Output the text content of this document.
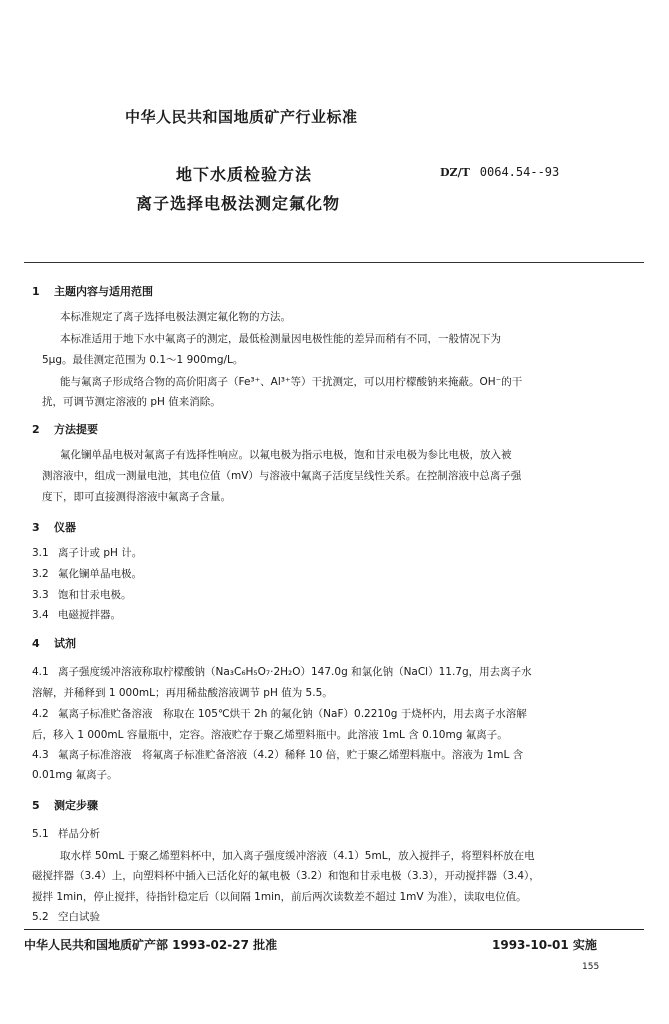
中华人民共和国地质矿产行业标准
地下水质检验方法
离子选择电极法测定氟化物
DZ/T 0064.54--93
1 主题内容与适用范围
本标准规定了离子选择电极法测定氟化物的方法。
本标准适用于地下水中氟离子的测定，最低检测量因电极性能的差异而稍有不同，一般情况下为
5μg。最佳测定范围为 0.1～1 900mg/L。
能与氟离子形成络合物的高价阳离子（Fe³⁺、Al³⁺等）干扰测定，可以用柠檬酸钠来掩蔽。OH⁻的干
扰，可调节测定溶液的 pH 值来消除。
2 方法提要
氟化镧单晶电极对氟离子有选择性响应。以氟电极为指示电极，饱和甘汞电极为参比电极，放入被
测溶液中，组成一测量电池，其电位值（mV）与溶液中氟离子活度呈线性关系。在控制溶液中总离子强
度下，即可直接测得溶液中氟离子含量。
3 仪器
3.1 离子计或 pH 计。
3.2 氟化镧单晶电极。
3.3 饱和甘汞电极。
3.4 电磁搅拌器。
4 试剂
4.1 离子强度缓冲溶液称取柠檬酸钠（Na₃C₆H₅O₇·2H₂O）147.0g 和氯化钠（NaCl）11.7g，用去离子水
溶解，并稀释到 1 000mL；再用稀盐酸溶液调节 pH 值为 5.5。
4.2 氟离子标准贮备溶液　称取在 105℃烘干 2h 的氟化钠（NaF）0.2210g 于烧杯内，用去离子水溶解
后，移入 1 000mL 容量瓶中，定容。溶液贮存于聚乙烯塑料瓶中。此溶液 1mL 含 0.10mg 氟离子。
4.3 氟离子标准溶液　将氟离子标准贮备溶液（4.2）稀释 10 倍，贮于聚乙烯塑料瓶中。溶液为 1mL 含
0.01mg 氟离子。
5 测定步骤
5.1 样品分析
取水样 50mL 于聚乙烯塑料杯中，加入离子强度缓冲溶液（4.1）5mL，放入搅拌子，将塑料杯放在电
磁搅拌器（3.4）上，向塑料杯中插入已活化好的氟电极（3.2）和饱和甘汞电极（3.3），开动搅拌器（3.4），
搅拌 1min，停止搅拌，待指针稳定后（以间隔 1min，前后两次读数差不超过 1mV 为准），读取电位值。
5.2 空白试验
中华人民共和国地质矿产部 1993-02-27 批准	1993-10-01 实施
155
